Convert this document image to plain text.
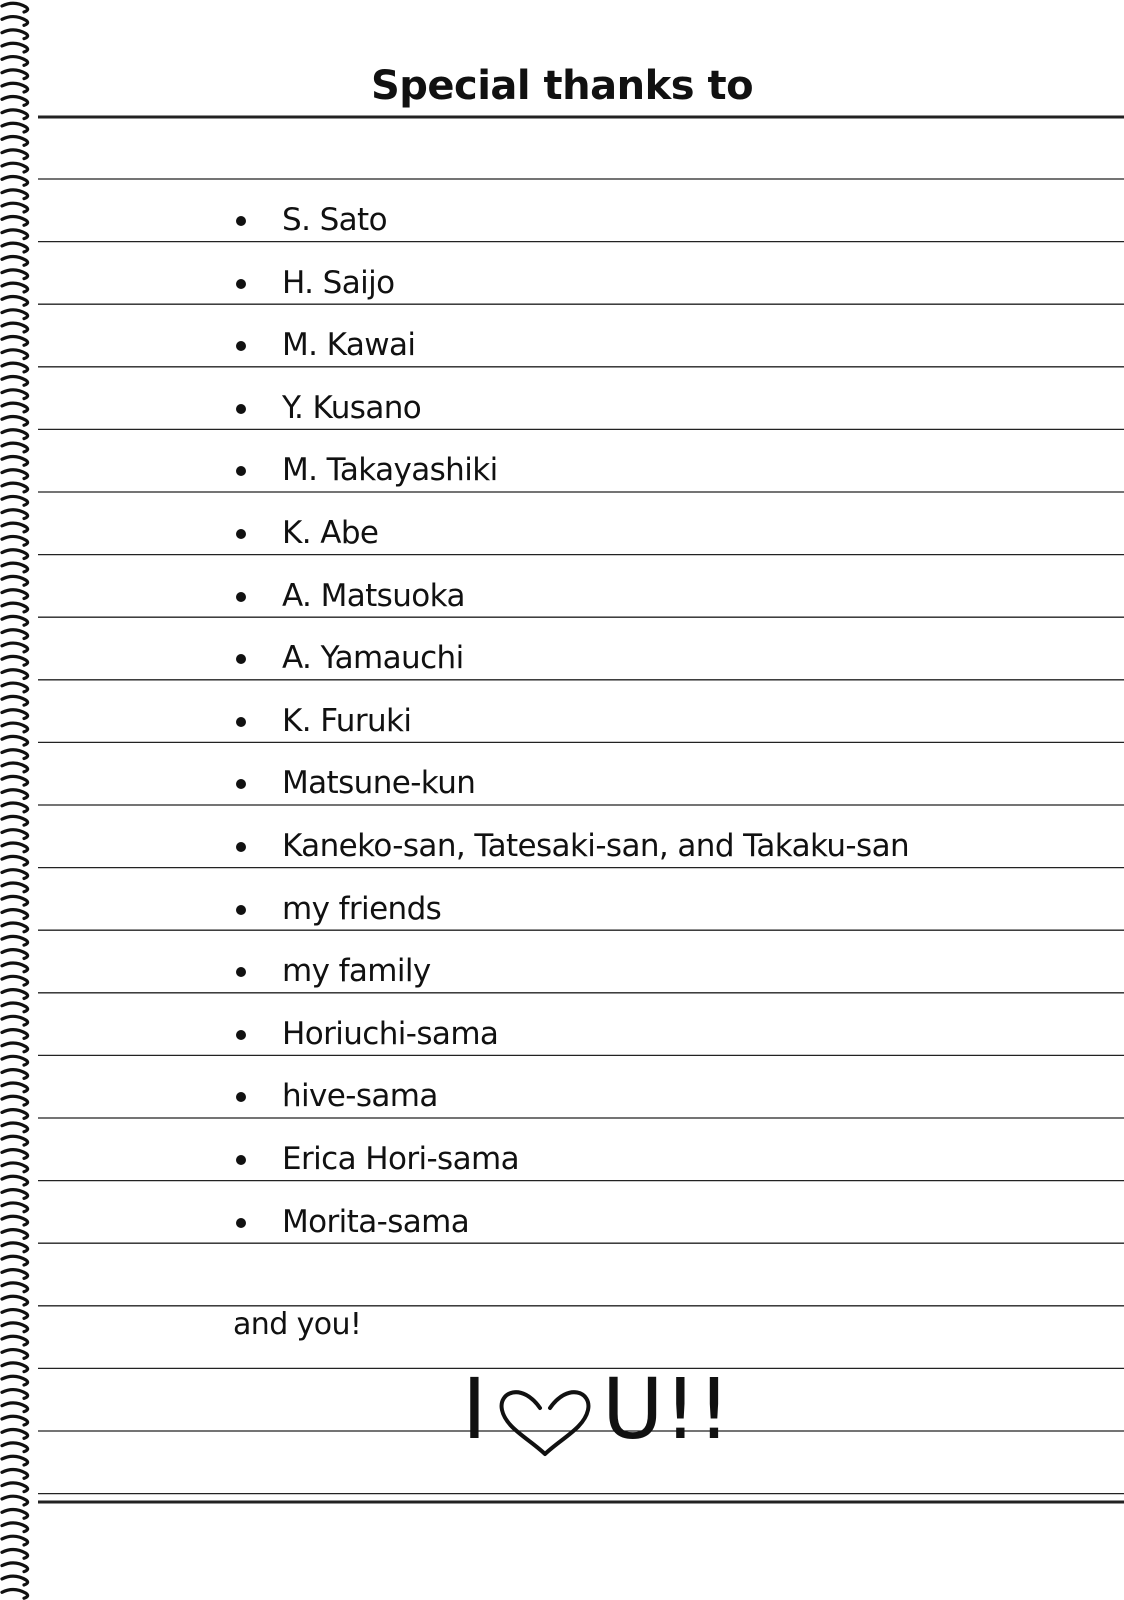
Special thanks to
S. Sato
H. Saijo
M. Kawai
Y. Kusano
M. Takayashiki
K. Abe
A. Matsuoka
A. Yamauchi
K. Furuki
Matsune-kun
Kaneko-san, Tatesaki-san, and Takaku-san
my friends
my family
Horiuchi-sama
hive-sama
Erica Hori-sama
Morita-sama
and you!
I U!!
